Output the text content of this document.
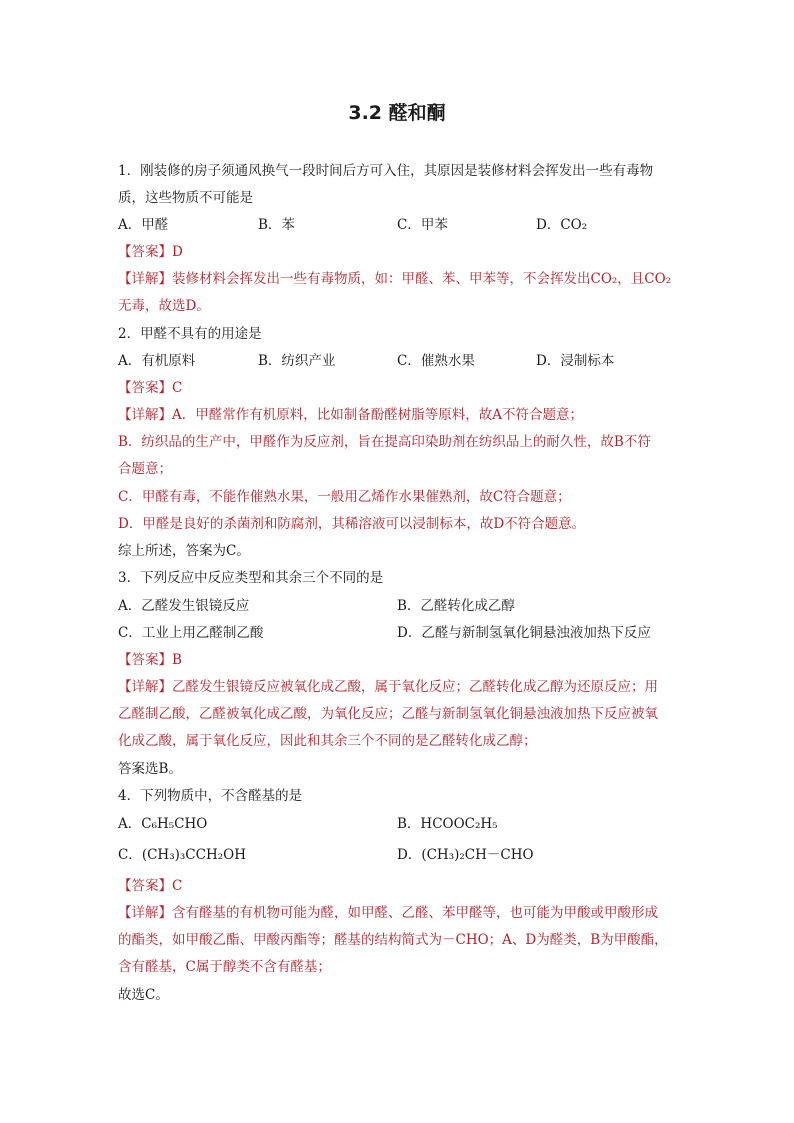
3.2 醛和酮
1．刚装修的房子须通风换气一段时间后方可入住，其原因是装修材料会挥发出一些有毒物
质，这些物质不可能是
A．甲醛	B．苯	C．甲苯	D．CO₂
【答案】D
【详解】装修材料会挥发出一些有毒物质，如：甲醛、苯、甲苯等，不会挥发出CO₂，且CO₂
无毒，故选D。
2．甲醛不具有的用途是
A．有机原料	B．纺织产业	C．催熟水果	D．浸制标本
【答案】C
【详解】A．甲醛常作有机原料，比如制备酚醛树脂等原料，故A不符合题意；
B．纺织品的生产中，甲醛作为反应剂，旨在提高印染助剂在纺织品上的耐久性，故B不符
合题意；
C．甲醛有毒，不能作催熟水果，一般用乙烯作水果催熟剂，故C符合题意；
D．甲醛是良好的杀菌剂和防腐剂，其稀溶液可以浸制标本，故D不符合题意。
综上所述，答案为C。
3．下列反应中反应类型和其余三个不同的是
A．乙醛发生银镜反应	B．乙醛转化成乙醇
C．工业上用乙醛制乙酸	D．乙醛与新制氢氧化铜悬浊液加热下反应
【答案】B
【详解】乙醛发生银镜反应被氧化成乙酸，属于氧化反应；乙醛转化成乙醇为还原反应；用
乙醛制乙酸，乙醛被氧化成乙酸，为氧化反应；乙醛与新制氢氧化铜悬浊液加热下反应被氧
化成乙酸，属于氧化反应，因此和其余三个不同的是乙醛转化成乙醇；
答案选B。
4．下列物质中，不含醛基的是
A．C₆H₅CHO	B．HCOOC₂H₅
C．(CH₃)₃CCH₂OH	D．(CH₃)₂CH－CHO
【答案】C
【详解】含有醛基的有机物可能为醛，如甲醛、乙醛、苯甲醛等，也可能为甲酸或甲酸形成
的酯类，如甲酸乙酯、甲酸丙酯等；醛基的结构简式为－CHO；A、D为醛类，B为甲酸酯，
含有醛基，C属于醇类不含有醛基；
故选C。
